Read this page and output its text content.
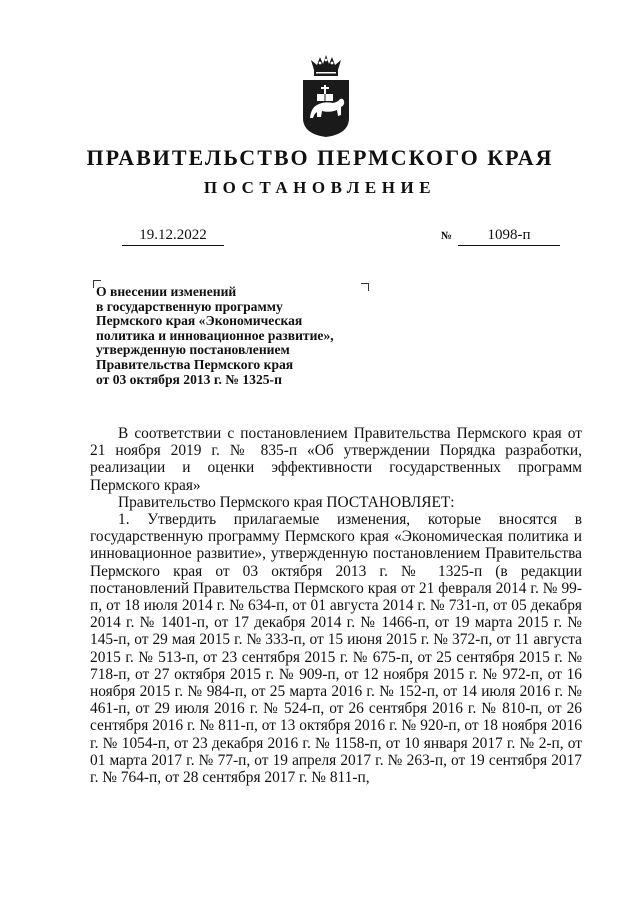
ПРАВИТЕЛЬСТВО ПЕРМСКОГО КРАЯ
ПОСТАНОВЛЕНИЕ
19.12.2022	№	1098-п
О внесении изменений
в государственную программу
Пермского края «Экономическая
политика и инновационное развитие»,
утвержденную постановлением
Правительства Пермского края
от 03 октября 2013 г. № 1325-п

В соответствии с постановлением Правительства Пермского края от 21 ноября 2019 г. № 835-п «Об утверждении Порядка разработки, реализации и оценки эффективности государственных программ Пермского края»

Правительство Пермского края ПОСТАНОВЛЯЕТ:

1. Утвердить прилагаемые изменения, которые вносятся в государственную программу Пермского края «Экономическая политика и инновационное развитие», утвержденную постановлением Правительства Пермского края от 03 октября 2013 г. № 1325-п (в редакции постановлений Правительства Пермского края от 21 февраля 2014 г. № 99-п, от 18 июля 2014 г. № 634-п, от 01 августа 2014 г. № 731-п, от 05 декабря 2014 г. № 1401-п, от 17 декабря 2014 г. № 1466-п, от 19 марта 2015 г. № 145-п, от 29 мая 2015 г. № 333-п, от 15 июня 2015 г. № 372-п, от 11 августа 2015 г. № 513-п, от 23 сентября 2015 г. № 675-п, от 25 сентября 2015 г. № 718-п, от 27 октября 2015 г. № 909-п, от 12 ноября 2015 г. № 972-п, от 16 ноября 2015 г. № 984-п, от 25 марта 2016 г. № 152-п, от 14 июля 2016 г. № 461-п, от 29 июля 2016 г. № 524-п, от 26 сентября 2016 г. № 810-п, от 26 сентября 2016 г. № 811-п, от 13 октября 2016 г. № 920-п, от 18 ноября 2016 г. № 1054-п, от 23 декабря 2016 г. № 1158-п, от 10 января 2017 г. № 2-п, от 01 марта 2017 г. № 77-п, от 19 апреля 2017 г. № 263-п, от 19 сентября 2017 г. № 764-п, от 28 сентября 2017 г. № 811-п,
